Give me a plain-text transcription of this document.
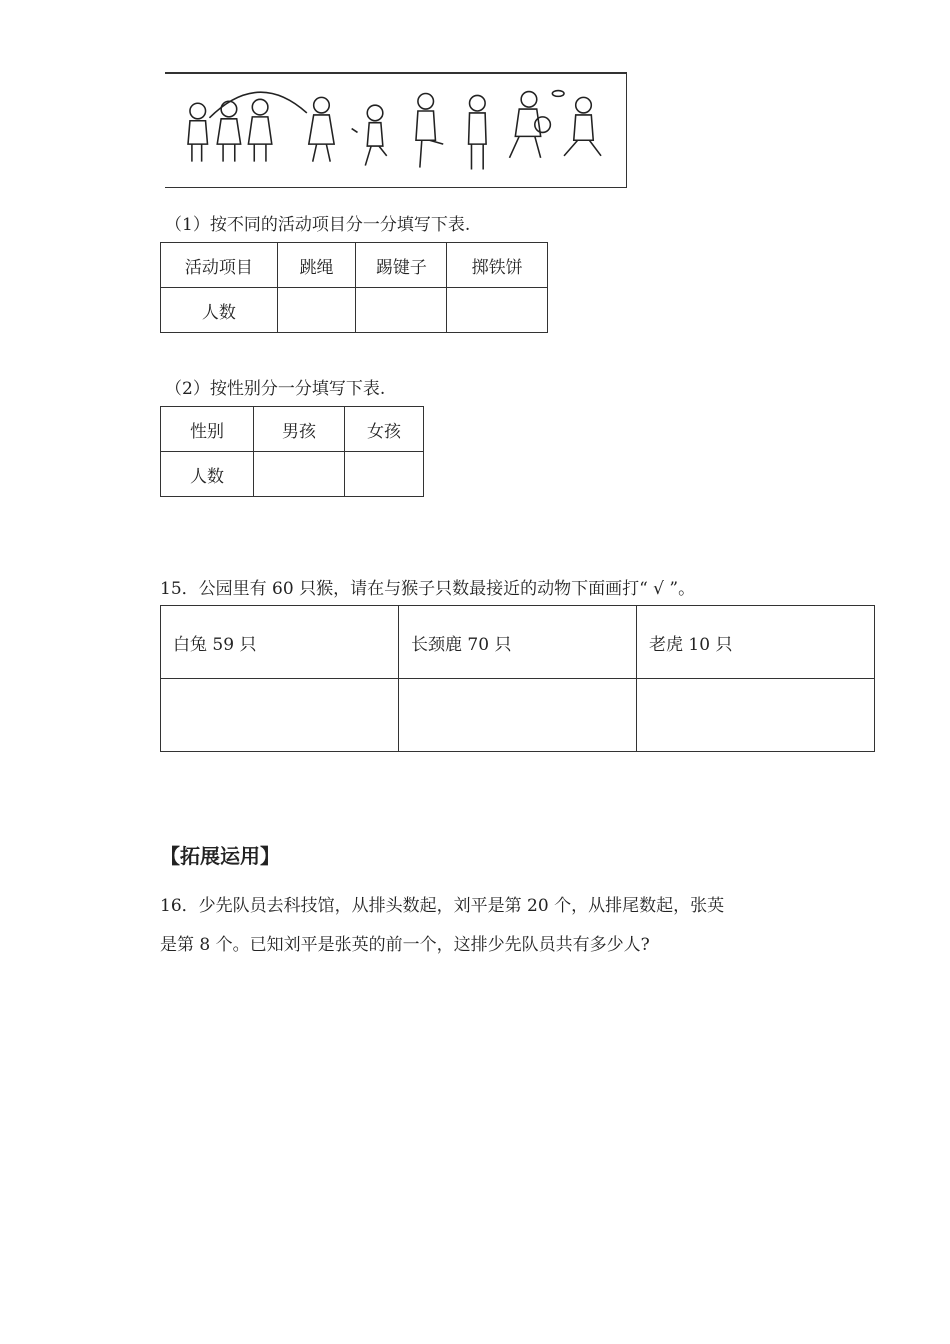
（1）按不同的活动项目分一分填写下表.
活动项目	跳绳	踢键子	掷铁饼
人数			
（2）按性别分一分填写下表.
性别	男孩	女孩
人数		
15．公园里有 60 只猴，请在与猴子只数最接近的动物下面画打“ √ ”。
白兔 59 只	长颈鹿 70 只	老虎 10 只

【拓展运用】
16．少先队员去科技馆，从排头数起，刘平是第 20 个，从排尾数起，张英
是第 8 个。已知刘平是张英的前一个，这排少先队员共有多少人?
